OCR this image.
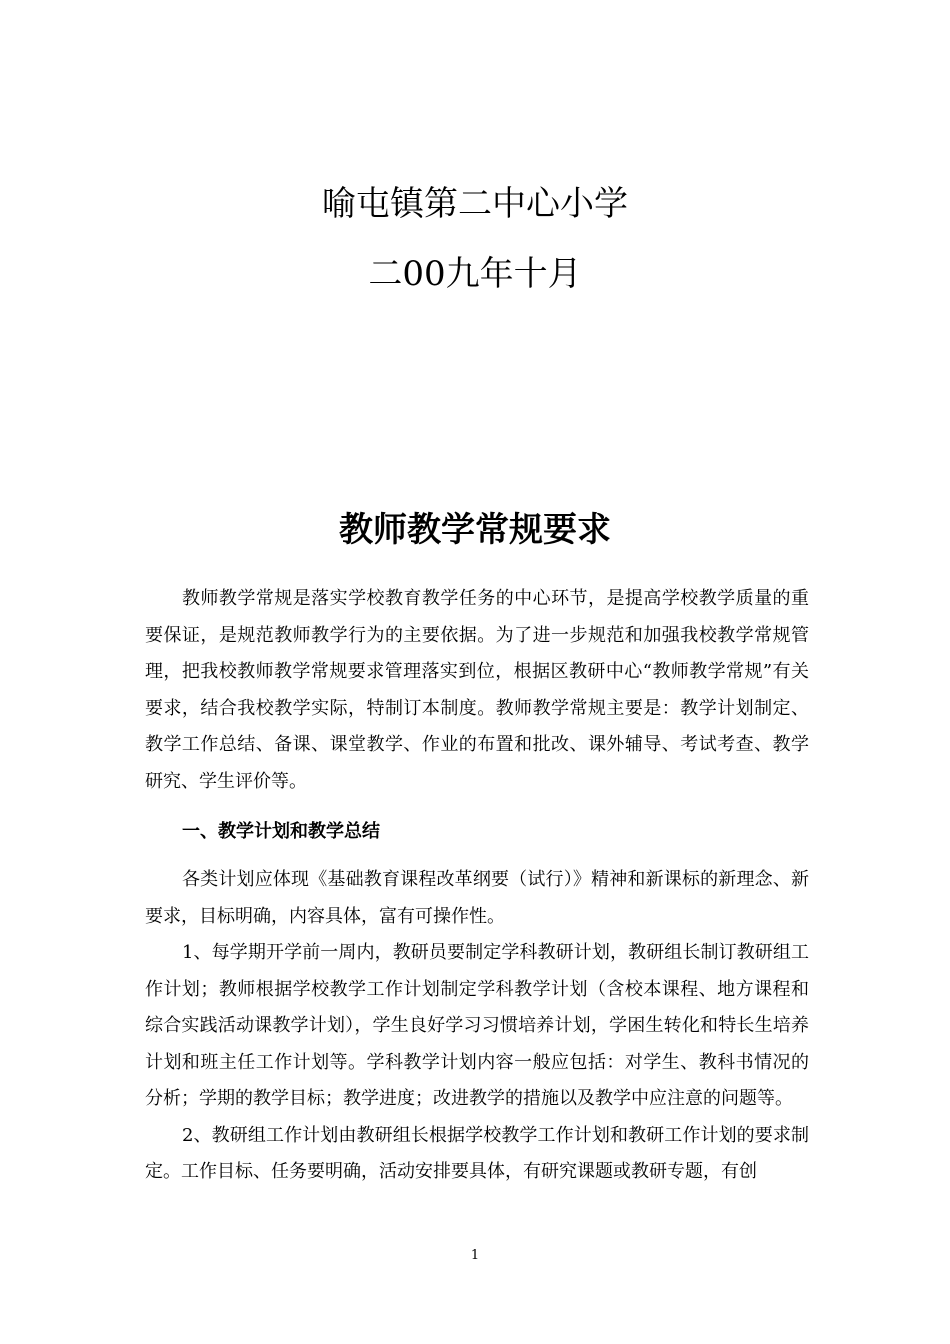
喻屯镇第二中心小学
二00九年十月
教师教学常规要求

教师教学常规是落实学校教育教学任务的中心环节，是提高学校教学质量的重要保证，是规范教师教学行为的主要依据。为了进一步规范和加强我校教学常规管理，把我校教师教学常规要求管理落实到位，根据区教研中心“教师教学常规”有关要求，结合我校教学实际，特制订本制度。教师教学常规主要是：教学计划制定、教学工作总结、备课、课堂教学、作业的布置和批改、课外辅导、考试考查、教学研究、学生评价等。

一、教学计划和教学总结

各类计划应体现《基础教育课程改革纲要（试行）》精神和新课标的新理念、新要求，目标明确，内容具体，富有可操作性。

1、每学期开学前一周内，教研员要制定学科教研计划，教研组长制订教研组工作计划；教师根据学校教学工作计划制定学科教学计划（含校本课程、地方课程和综合实践活动课教学计划），学生良好学习习惯培养计划，学困生转化和特长生培养计划和班主任工作计划等。学科教学计划内容一般应包括：对学生、教科书情况的分析；学期的教学目标；教学进度；改进教学的措施以及教学中应注意的问题等。

2、教研组工作计划由教研组长根据学校教学工作计划和教研工作计划的要求制定。工作目标、任务要明确，活动安排要具体，有研究课题或教研专题，有创

1
